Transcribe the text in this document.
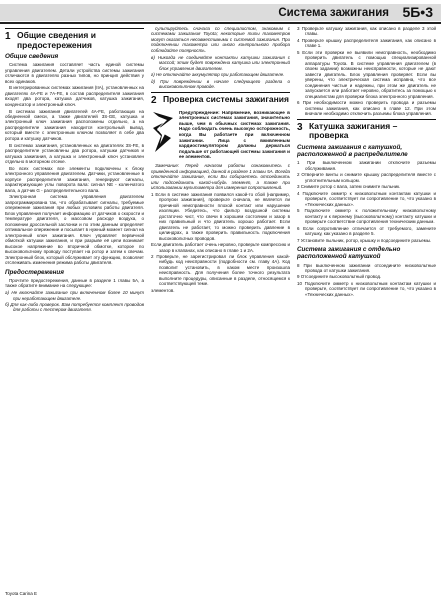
Система зажигания 5Б•3
1 Общие сведения и предостережения
Общие сведения

Система зажигания составляет часть единой системы управления двигателем. Детали устройства системы зажигания отличаются в двигателях разных типов, но принцип действия у всех одинаков.

В интегрированных системах зажигания (IIA), установленных на двигателях 4A-FE и 7A-FE, в состав распределителя зажигания входят два ротора, катушка датчиков, катушка зажигания, конденсатор и электронный ключ.

В системах зажигания двигателей 4A-FE, работающих на обедненной смеси, а также двигателей 3S-GE, катушка и электронный ключ зажигания расположены отдельно, а на распределителе зажигания находится контрольный вывод, который вместе с электронным ключом позволяет в себе два ротора и катушку датчиков.

В системах зажигания, установленных на двигателях 3S-FE, в распределителе установлены два ротора, катушки датчиков и катушка зажигания, а катушка и электронный ключ установлен отдельно в моторном отсеке.

Во всех системах все элементы подключены к блоку электронного управления двигателем. Датчики, установленные в корпусе распределителя зажигания, генерируют сигналы, характеризующие углы поворота вала: сигнал NE - коленчатого вала, а датчик G - распределительного вала.

Электронная система управления двигателем запрограммирована так, что обрабатывает сигналы, требуемые опережение зажигания при любых условиях работы двигателя. Блок управления получает информацию от датчиков о скорости и температуре двигателя, о массовом расходе воздуха, о положении дроссельной заслонки и по этим данным определяет оптимальное опережение и посылает в нужный момент сигнал на электронный ключ зажигания. Ключ управляет первичной обмоткой катушки зажигания, и при разрыве её цепи возникает высокое напряжение во вторичной обмотке, которое по высоковольтному проводу поступает на ротор и затем к свечам. Электронный блок, который обслуживает эту функцию, позволяет отслеживать изменения режима работы двигателя.

Предостережения

Прочтите предостережения, данные в разделе 1 главы 5А, а также обратите внимание на следующее:

а) Не включайте зажигание при включенном более 10 минут при неработающем двигателе.

б) Для как-либо проверок. Вам потребуется комплект проводов для работы с тестером двигателя.

сультируйтесь сначала со специалистом, знакомым с системами зажигания Toyota; некоторые типы тахометров могут оказаться несовместимыми с системой зажигания. При подключении тахометра или иного контрольного прибора соблюдайте полярность.

в) Никогда не соединяйте контакты катушки зажигания с массой; этим будет повреждена катушка или электронный блок управления двигателем.

г) Не отключайте аккумулятор при работающем двигателе.

д) При повреждении в начале следующего раздела о высоковольтном проводе.

2 Проверка системы зажигания
Предупреждение: Напряжение, возникающее в электронных системах зажигания, значительно выше, чем в обычных системах зажигания. Надо соблюдать очень высокую осторожность, когда Вы работаете при включенном зажигании. Лица с вживленным кардиостимулятором должны держаться подальше от работающей системы зажигания и ее элементов.

Замечание: Перед началом работы ознакомьтесь с приведенной информацией, данной в разделе 1 главы 5А. Всегда отключайте зажигание, если Вы собираетесь отсоединить или подсоединить какой-нибудь элемент, а также при использовании мультиметра для измерения сопротивлений.

1 Если в системе зажигания появился какой-то сбой (например, пропуски зажигания), проверьте сначала, не является ли причиной неисправности плохой контакт или нарушение изоляции. Убедитесь, что фильтр воздушной системы достаточно чист, что свечи в хорошем состоянии и зазор в них правильный и что двигатель хорошо работает. Если двигатель не работает, то можно проверить давление в цилиндрах, а также проверить правильность подключения высоковольтных проводов.

Если двигатель работает очень неровно, проверьте компрессию и зазор в клапанах, как описано в главе 1 и 2А.

2 Проверьте, не зарегистрировал ли блок управления какой-нибудь код неисправности (подробности см. главу 4А). Код позволит установить, в каком месте произошла неисправность. Для получения более точного результата выполните процедуры, описанные в разделе, относящемся к соответствующей теме.

элементов.

3 Проверьте катушку зажигания, как описано в разделе 3 этой главы.

4 Проверьте крышку распределителя зажигания, как описано в главе 1.

5 Если эти проверки не выявили неисправность, необходимо проверить двигатель с помощью специализированной аппаратуры Toyota. В системе управления двигателем (в своем задании) возможны неисправности, которые не дают завести двигатель. Блок управления проверяет. Если вы уверены, что электрическая система исправна, что все соединения чистые и надежны, при этом же двигатель не запускается или работает неровно, обратитесь за помощью к специалистам для проверки блока электронного управления.

6 При необходимости можно проверить провода и разъемы системы зажигания, как описано в главе 12. При этом вначале необходимо отключить разъемы блока управления.

3 Катушка зажигания – проверка
Система зажигания с катушкой, расположенной в распределителе

1 При выключенном зажигании отключите разъемы обслуживания.

2 Отверните винты и снимите крышку распределителя вместе с уплотнительным кольцом.

3 Снимите ротор с вала, затем снимите пыльник.

4 Подключите омметр к низковольтным контактам катушки и проверьте, соответствует ли сопротивление то, что указано в «Технических данных».

5 Подключите омметр к положительному низковольтному контакту и к верхнему (высоковольтному) контакту катушки и проверьте соответствие сопротивления техническим данным.

6 Если сопротивление отличается от требуемого, замените катушку, как указано в разделе 5.

7 Установите пыльник, ротор, крышку и подсоедините разъемы.

Система зажигания с отдельно расположенной катушкой

8 При выключенном зажигании отсоедините низковольтные провода от катушки зажигания.

9 Отсоедините высоковольтный провод.

10 Подключите омметр к низковольтным контактам катушки и проверьте, соответствует ли сопротивление то, что указано в «Технических данных».

Toyota Carina E
